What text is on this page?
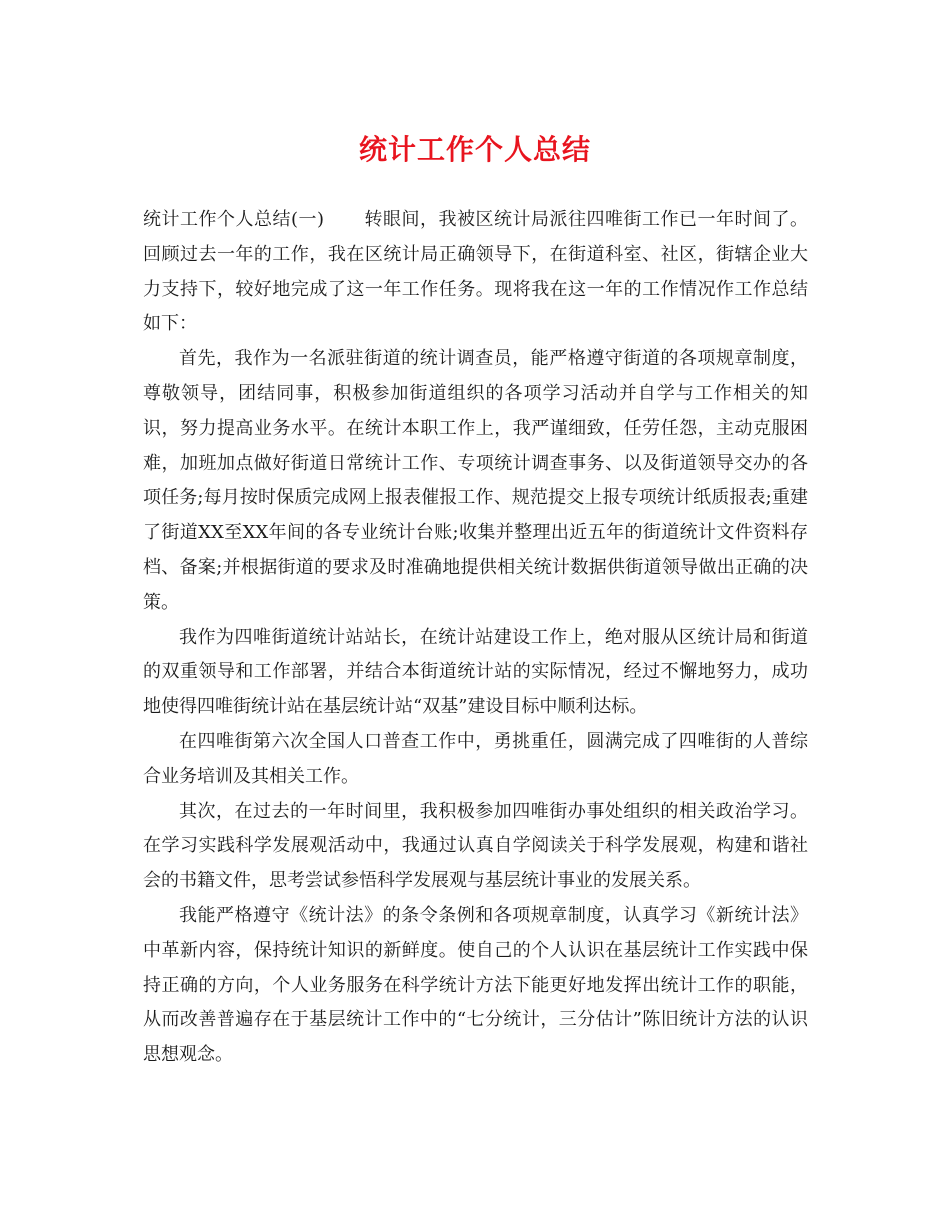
统计工作个人总结

统计工作个人总结(一) 转眼间，我被区统计局派往四唯街工作已一年时间了。回顾过去一年的工作，我在区统计局正确领导下，在街道科室、社区，街辖企业大力支持下，较好地完成了这一年工作任务。现将我在这一年的工作情况作工作总结如下：

首先，我作为一名派驻街道的统计调查员，能严格遵守街道的各项规章制度，尊敬领导，团结同事，积极参加街道组织的各项学习活动并自学与工作相关的知识，努力提高业务水平。在统计本职工作上，我严谨细致，任劳任怨，主动克服困难，加班加点做好街道日常统计工作、专项统计调查事务、以及街道领导交办的各项任务;每月按时保质完成网上报表催报工作、规范提交上报专项统计纸质报表;重建了街道XX至XX年间的各专业统计台账;收集并整理出近五年的街道统计文件资料存档、备案;并根据街道的要求及时准确地提供相关统计数据供街道领导做出正确的决策。

我作为四唯街道统计站站长，在统计站建设工作上，绝对服从区统计局和街道的双重领导和工作部署，并结合本街道统计站的实际情况，经过不懈地努力，成功地使得四唯街统计站在基层统计站“双基”建设目标中顺利达标。

在四唯街第六次全国人口普查工作中，勇挑重任，圆满完成了四唯街的人普综合业务培训及其相关工作。

其次，在过去的一年时间里，我积极参加四唯街办事处组织的相关政治学习。在学习实践科学发展观活动中，我通过认真自学阅读关于科学发展观，构建和谐社会的书籍文件，思考尝试参悟科学发展观与基层统计事业的发展关系。

我能严格遵守《统计法》的条令条例和各项规章制度，认真学习《新统计法》中革新内容，保持统计知识的新鲜度。使自己的个人认识在基层统计工作实践中保持正确的方向，个人业务服务在科学统计方法下能更好地发挥出统计工作的职能，从而改善普遍存在于基层统计工作中的“七分统计，三分估计”陈旧统计方法的认识思想观念。
